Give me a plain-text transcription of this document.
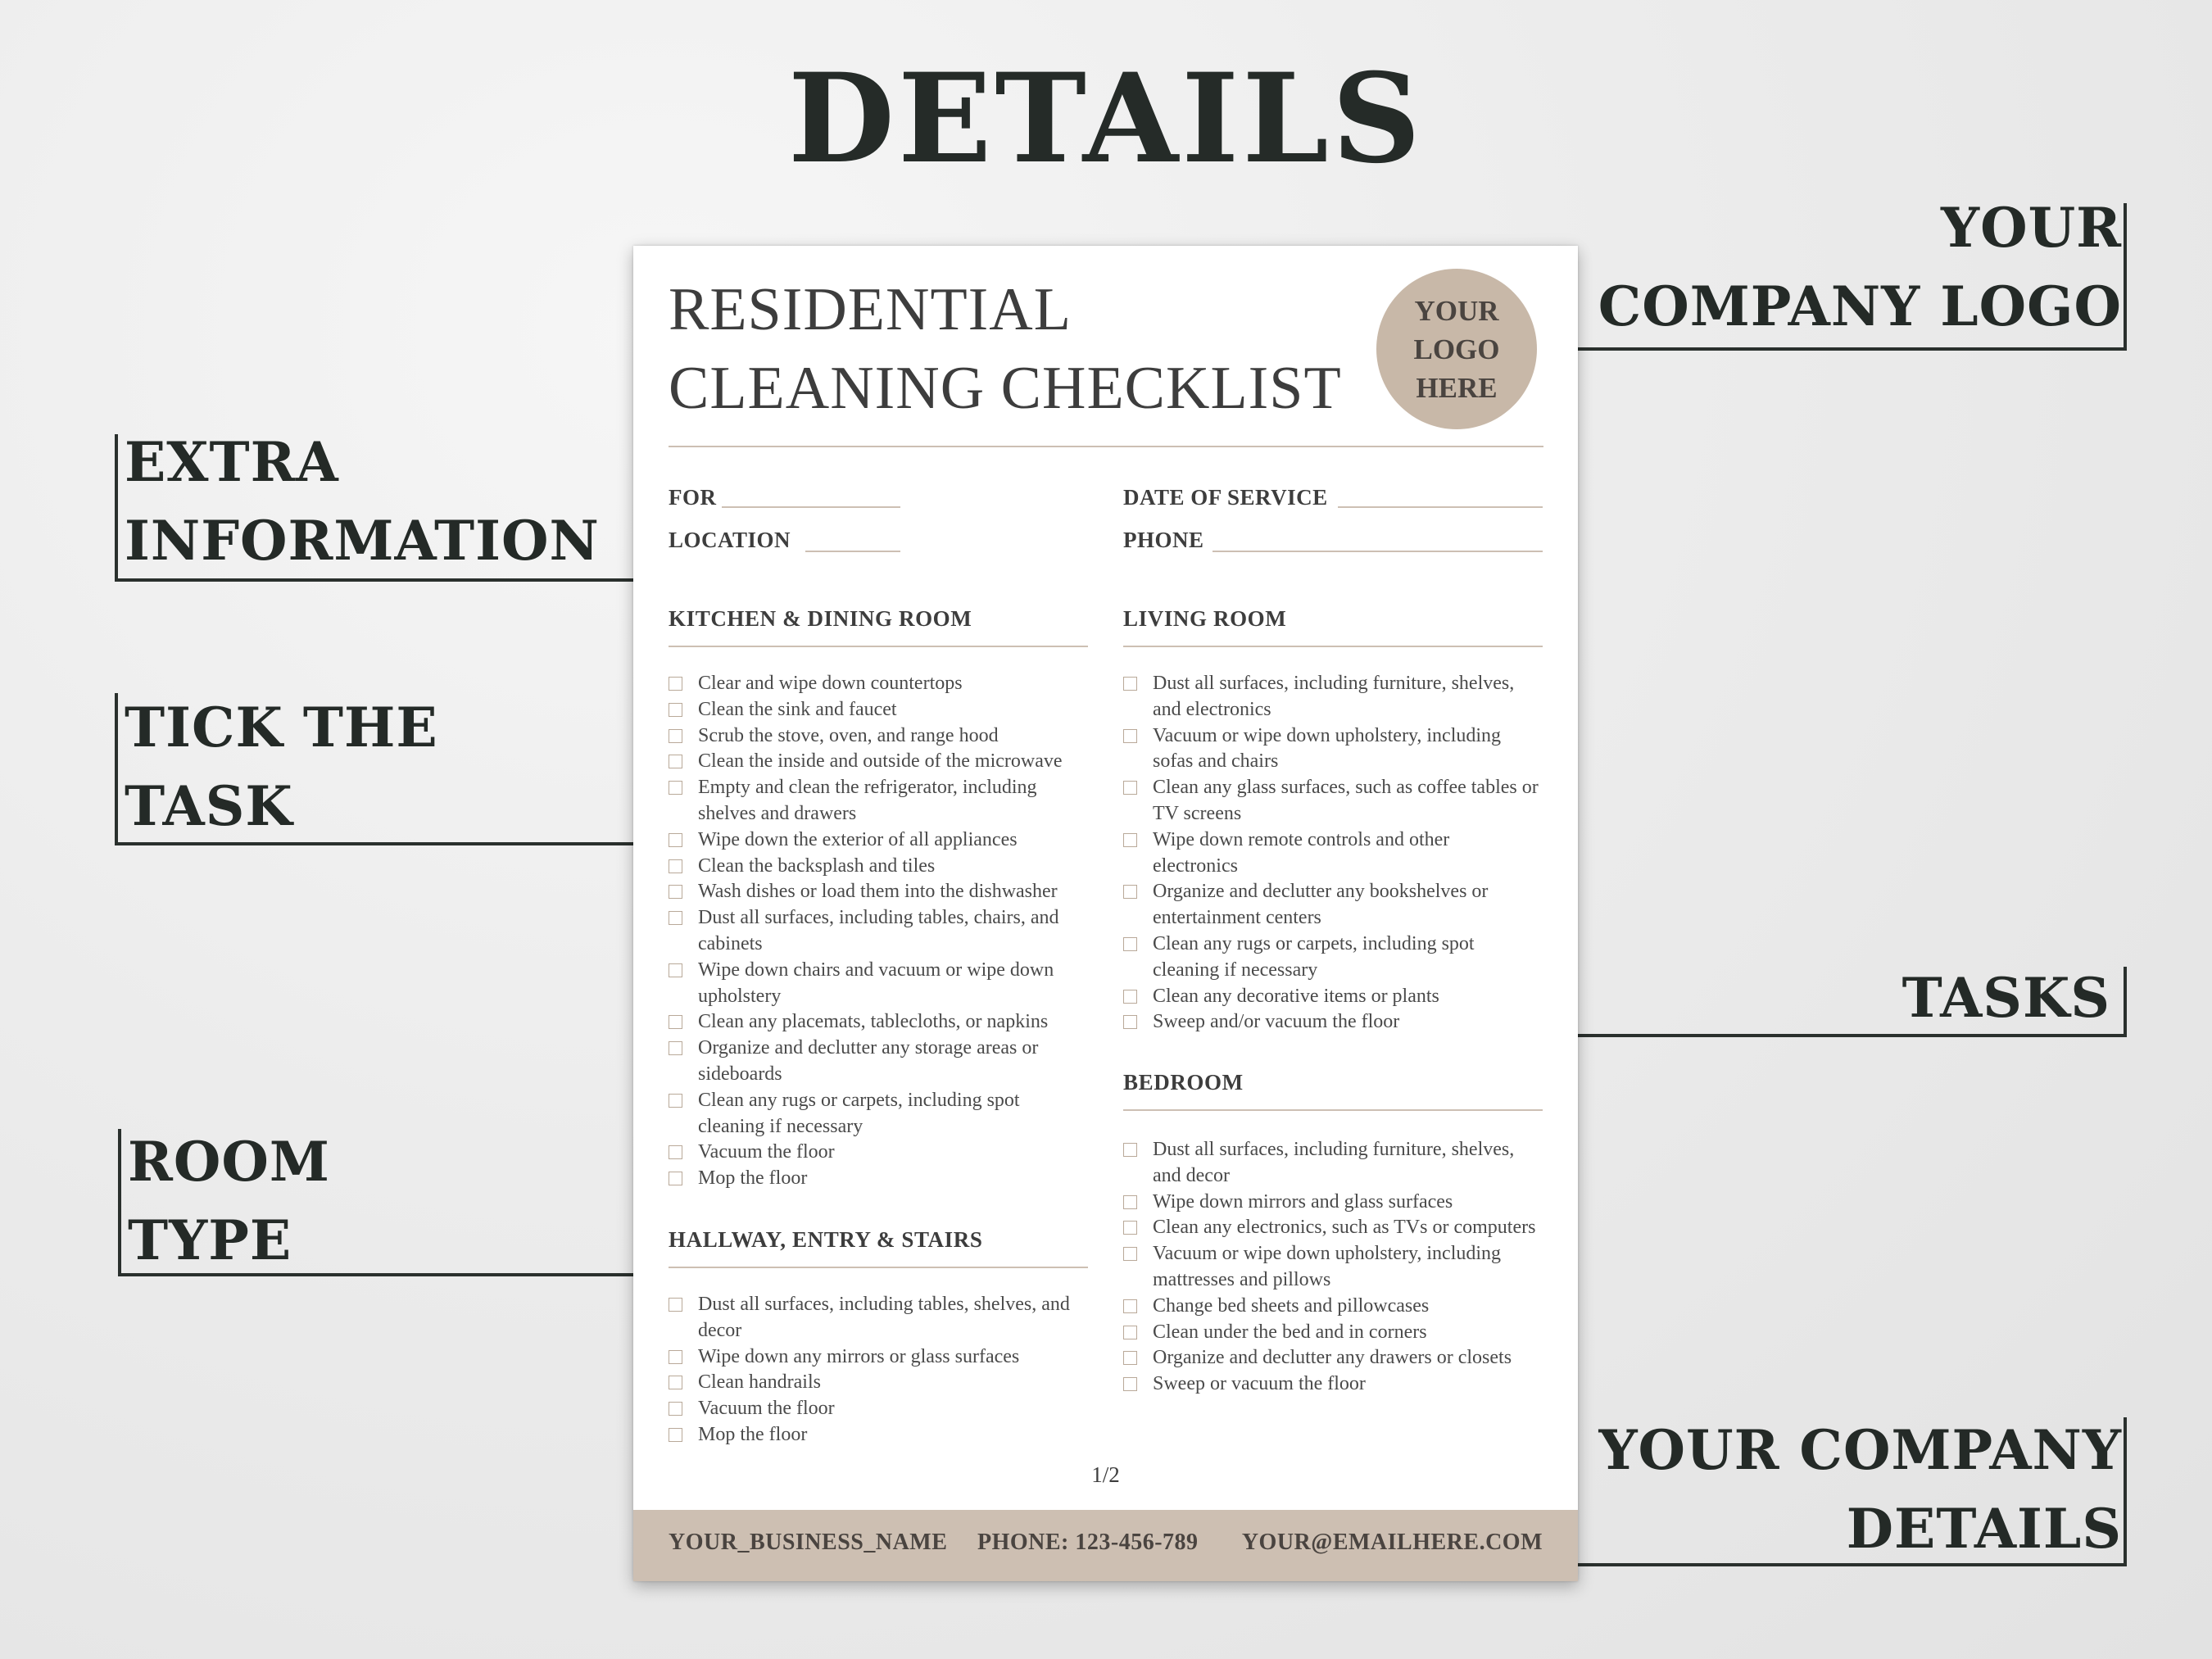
DETAILS
YOUR
COMPANY LOGO
EXTRA
INFORMATION
TICK THE
TASK
TASKS
ROOM
TYPE
YOUR COMPANY
DETAILS
RESIDENTIAL
CLEANING CHECKLIST
YOUR
LOGO
HERE
FOR	DATE OF SERVICE
LOCATION	PHONE
KITCHEN & DINING ROOM
Clear and wipe down countertops
Clean the sink and faucet
Scrub the stove, oven, and range hood
Clean the inside and outside of the microwave
Empty and clean the refrigerator, including
shelves and drawers
Wipe down the exterior of all appliances
Clean the backsplash and tiles
Wash dishes or load them into the dishwasher
Dust all surfaces, including tables, chairs, and
cabinets
Wipe down chairs and vacuum or wipe down
upholstery
Clean any placemats, tablecloths, or napkins
Organize and declutter any storage areas or
sideboards
Clean any rugs or carpets, including spot
cleaning if necessary
Vacuum the floor
Mop the floor
HALLWAY, ENTRY & STAIRS
Dust all surfaces, including tables, shelves, and
decor
Wipe down any mirrors or glass surfaces
Clean handrails
Vacuum the floor
Mop the floor
LIVING ROOM
Dust all surfaces, including furniture, shelves,
and electronics
Vacuum or wipe down upholstery, including
sofas and chairs
Clean any glass surfaces, such as coffee tables or
TV screens
Wipe down remote controls and other
electronics
Organize and declutter any bookshelves or
entertainment centers
Clean any rugs or carpets, including spot
cleaning if necessary
Clean any decorative items or plants
Sweep and/or vacuum the floor
BEDROOM
Dust all surfaces, including furniture, shelves,
and decor
Wipe down mirrors and glass surfaces
Clean any electronics, such as TVs or computers
Vacuum or wipe down upholstery, including
mattresses and pillows
Change bed sheets and pillowcases
Clean under the bed and in corners
Organize and declutter any drawers or closets
Sweep or vacuum the floor
1/2
YOUR_BUSINESS_NAME PHONE: 123-456-789 YOUR@EMAILHERE.COM
